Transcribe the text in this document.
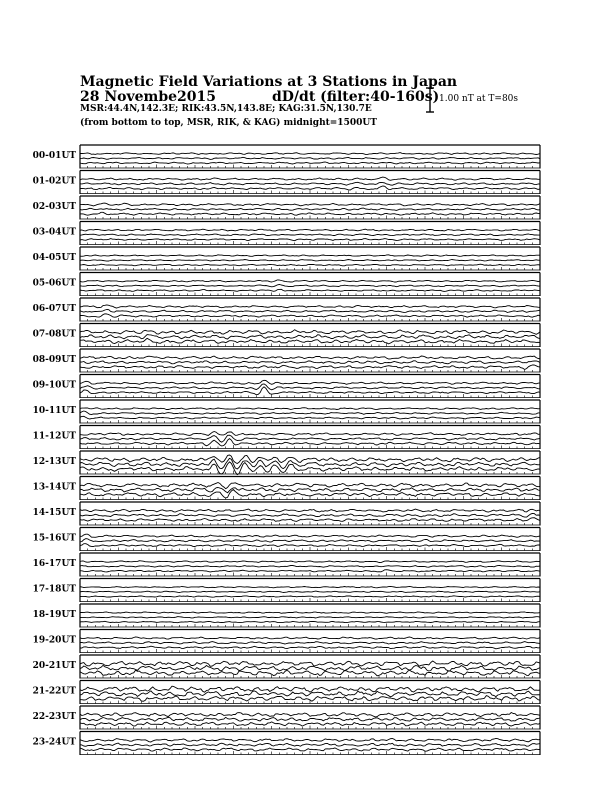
00-01UT
01-02UT
02-03UT
03-04UT
04-05UT
05-06UT
06-07UT
07-08UT
08-09UT
09-10UT
10-11UT
11-12UT
12-13UT
13-14UT
14-15UT
15-16UT
16-17UT
17-18UT
18-19UT
19-20UT
20-21UT
21-22UT
22-23UT
23-24UT
Magnetic Field Variations at 3 Stations in Japan
28 Novembe2015	dD/dt (filter:40-160s)
MSR:44.4N,142.3E; RIK:43.5N,143.8E; KAG:31.5N,130.7E
(from bottom to top, MSR, RIK, & KAG) midnight=1500UT
1.00 nT at T=80s
